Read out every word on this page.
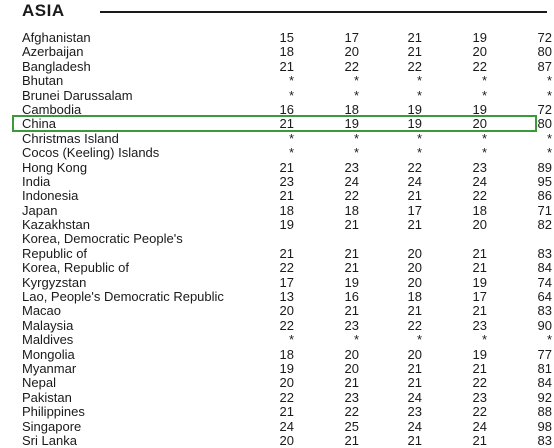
ASIA
Afghanistan	15	17	21	19	72
Azerbaijan	18	20	21	20	80
Bangladesh	21	22	22	22	87
Bhutan	*	*	*	*	*
Brunei Darussalam	*	*	*	*	*
Cambodia	16	18	19	19	72
China	21	19	19	20	80
Christmas Island	*	*	*	*	*
Cocos (Keeling) Islands	*	*	*	*	*
Hong Kong	21	23	22	23	89
India	23	24	24	24	95
Indonesia	21	22	21	22	86
Japan	18	18	17	18	71
Kazakhstan	19	21	21	20	82
Korea, Democratic People's
Republic of	21	21	20	21	83
Korea, Republic of	22	21	20	21	84
Kyrgyzstan	17	19	20	19	74
Lao, People's Democratic Republic	13	16	18	17	64
Macao	20	21	21	21	83
Malaysia	22	23	22	23	90
Maldives	*	*	*	*	*
Mongolia	18	20	20	19	77
Myanmar	19	20	21	21	81
Nepal	20	21	21	22	84
Pakistan	22	23	24	23	92
Philippines	21	22	23	22	88
Singapore	24	25	24	24	98
Sri Lanka	20	21	21	21	83
